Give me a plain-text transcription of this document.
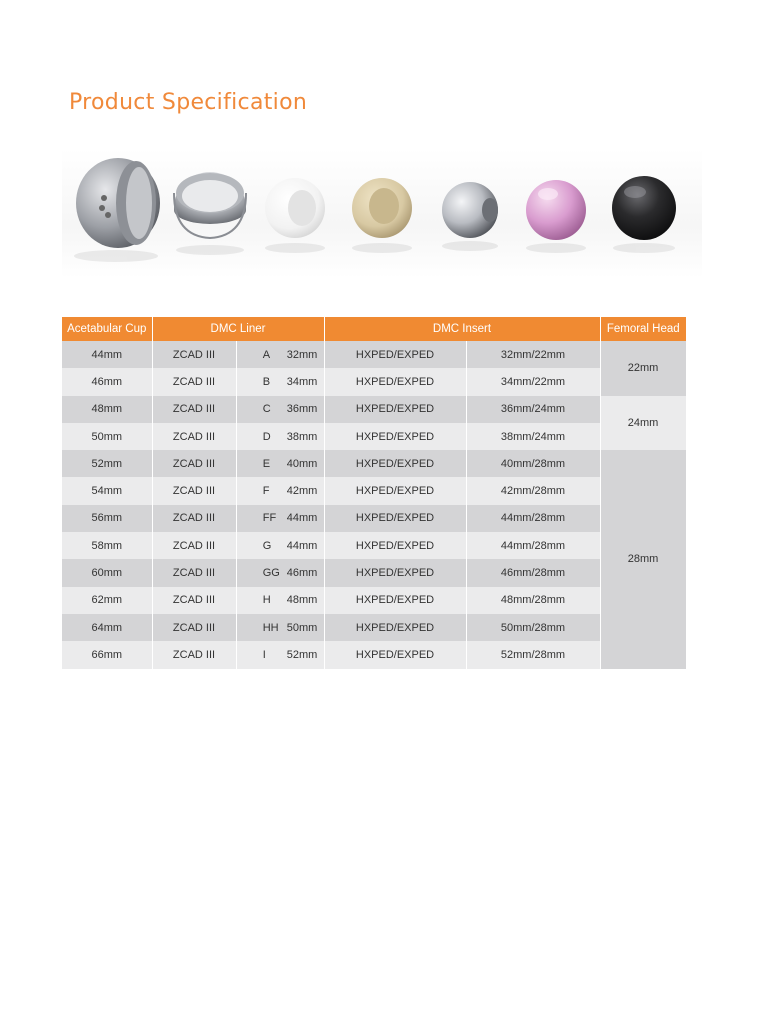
Product Specification
Acetabular Cup	DMC Liner		DMC Insert		Femoral Head
44mm	ZCAD III	A 32mm	HXPED/EXPED	32mm/22mm	22mm
46mm	ZCAD III	B 34mm	HXPED/EXPED	34mm/22mm	
48mm	ZCAD III	C 36mm	HXPED/EXPED	36mm/24mm	24mm
50mm	ZCAD III	D 38mm	HXPED/EXPED	38mm/24mm	
52mm	ZCAD III	E 40mm	HXPED/EXPED	40mm/28mm	28mm
54mm	ZCAD III	F 42mm	HXPED/EXPED	42mm/28mm	
56mm	ZCAD III	FF 44mm	HXPED/EXPED	44mm/28mm	
58mm	ZCAD III	G 44mm	HXPED/EXPED	44mm/28mm	
60mm	ZCAD III	GG 46mm	HXPED/EXPED	46mm/28mm	
62mm	ZCAD III	H 48mm	HXPED/EXPED	48mm/28mm	
64mm	ZCAD III	HH 50mm	HXPED/EXPED	50mm/28mm	
66mm	ZCAD III	I 52mm	HXPED/EXPED	52mm/28mm	
